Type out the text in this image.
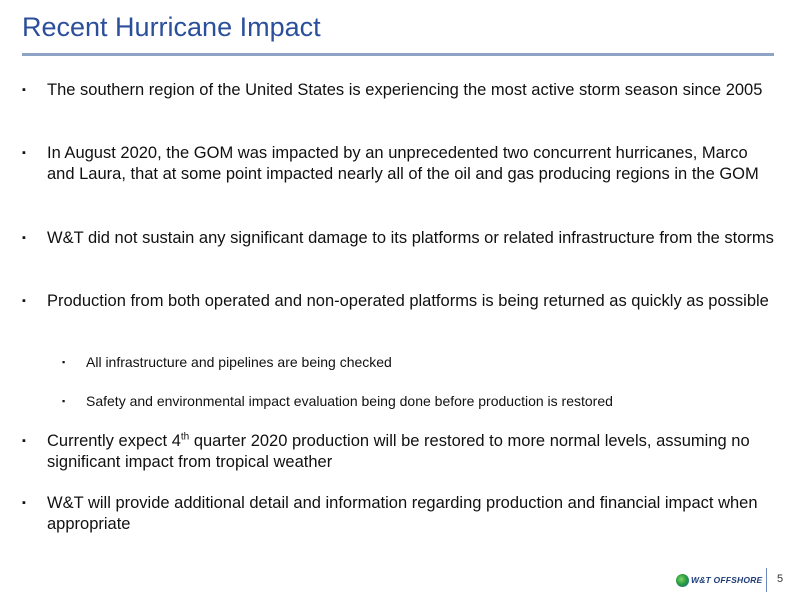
Recent Hurricane Impact
▪ The southern region of the United States is experiencing the most active storm season since 2005
▪ In August 2020, the GOM was impacted by an unprecedented two concurrent hurricanes, Marco and Laura, that at some point impacted nearly all of the oil and gas producing regions in the GOM
▪ W&T did not sustain any significant damage to its platforms or related infrastructure from the storms
▪ Production from both operated and non-operated platforms is being returned as quickly as possible
▪ All infrastructure and pipelines are being checked
▪ Safety and environmental impact evaluation being done before production is restored
▪ Currently expect 4th quarter 2020 production will be restored to more normal levels, assuming no significant impact from tropical weather
▪ W&T will provide additional detail and information regarding production and financial impact when appropriate
W&T OFFSHORE 5
